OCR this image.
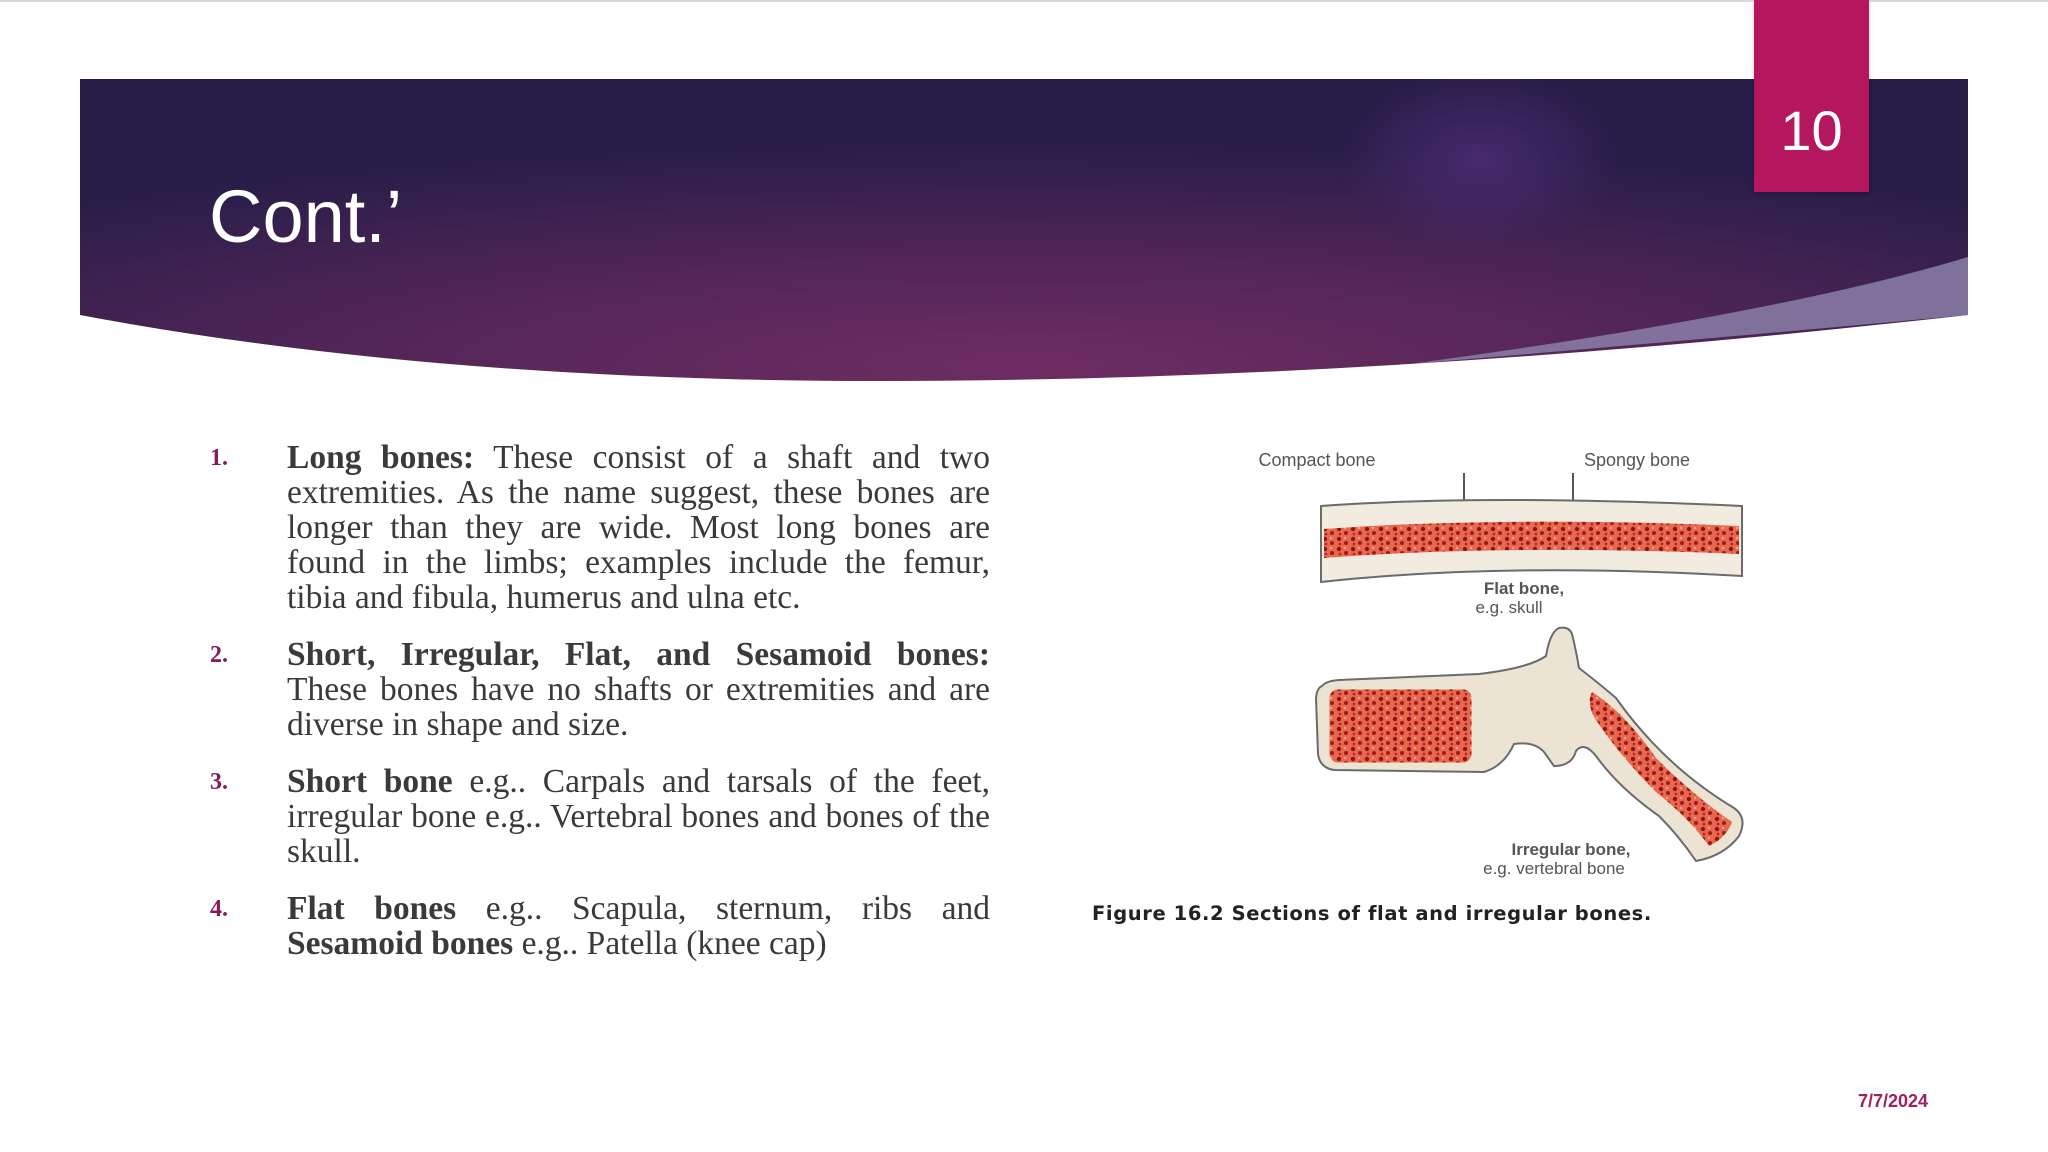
Cont.’
10
1. Long bones: These consist of a shaft and two extremities. As the name suggest, these bones are longer than they are wide. Most long bones are found in the limbs; examples include the femur, tibia and fibula, humerus and ulna etc.
2. Short, Irregular, Flat, and Sesamoid bones: These bones have no shafts or extremities and are diverse in shape and size.
3. Short bone e.g.. Carpals and tarsals of the feet, irregular bone e.g.. Vertebral bones and bones of the skull.
4. Flat bones e.g.. Scapula, sternum, ribs and Sesamoid bones e.g.. Patella (knee cap)
Compact bone	Spongy bone
Flat bone,
e.g. skull
Irregular bone,
e.g. vertebral bone
Figure 16.2 Sections of flat and irregular bones.
7/7/2024
